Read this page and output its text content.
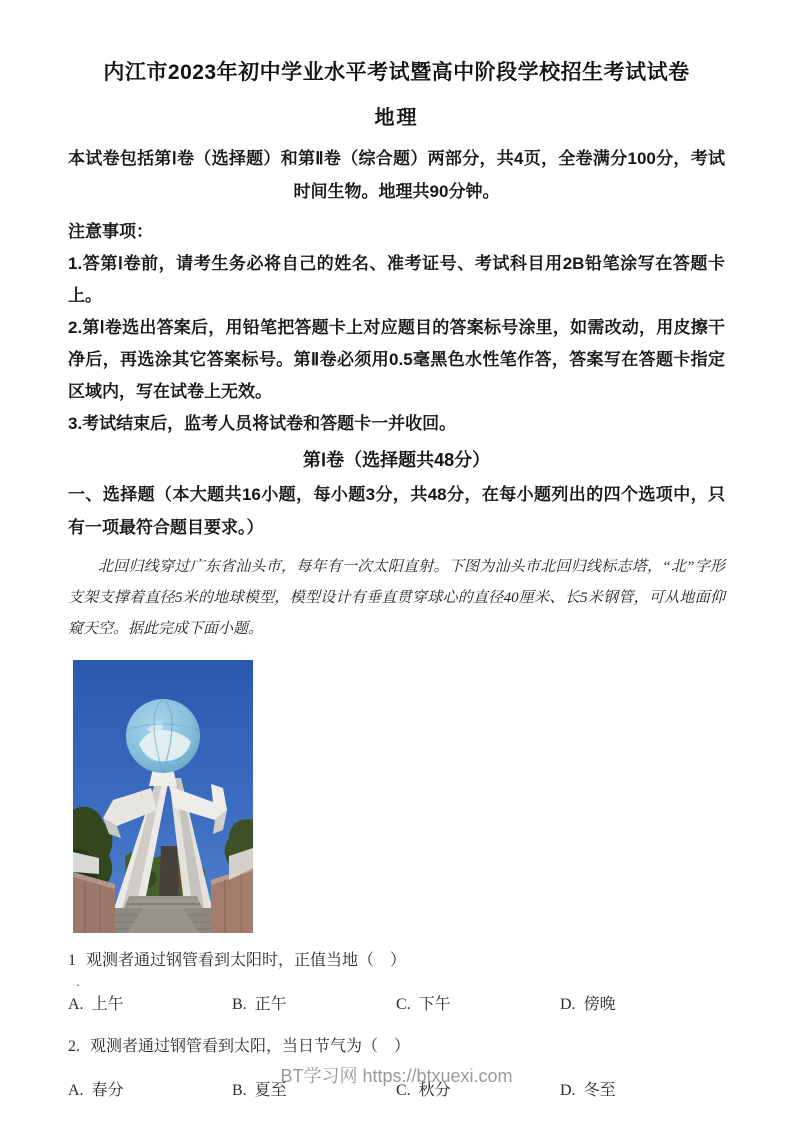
内江市2023年初中学业水平考试暨高中阶段学校招生考试试卷
地理
本试卷包括第Ⅰ卷（选择题）和第Ⅱ卷（综合题）两部分，共4页，全卷满分100分，考试
时间生物。地理共90分钟。
注意事项：

1.答第Ⅰ卷前，请考生务必将自己的姓名、准考证号、考试科目用2B铅笔涂写在答题卡上。

2.第Ⅰ卷选出答案后，用铅笔把答题卡上对应题目的答案标号涂里，如需改动，用皮擦干净后，再选涂其它答案标号。第Ⅱ卷必须用0.5毫黑色水性笔作答，答案写在答题卡指定区域内，写在试卷上无效。

3.考试结束后，监考人员将试卷和答题卡一并收回。

第Ⅰ卷（选择题共48分）
一、选择题（本大题共16小题，每小题3分，共48分，在每小题列出的四个选项中，只有一项最符合题目要求。）

北回归线穿过广东省汕头市，每年有一次太阳直射。下图为汕头市北回归线标志塔，“北”字形支架支撑着直径5米的地球模型，模型设计有垂直贯穿球心的直径40厘米、长5米钢管，可从地面仰窥天空。据此完成下面小题。

1 观测者通过钢管看到太阳时，正值当地（　）
.
A. 上午	B. 正午	C. 下午	D. 傍晚
2. 观测者通过钢管看到太阳，当日节气为（　）
A. 春分	B. 夏至	C. 秋分	D. 冬至
BT学习网 https://btxuexi.com
